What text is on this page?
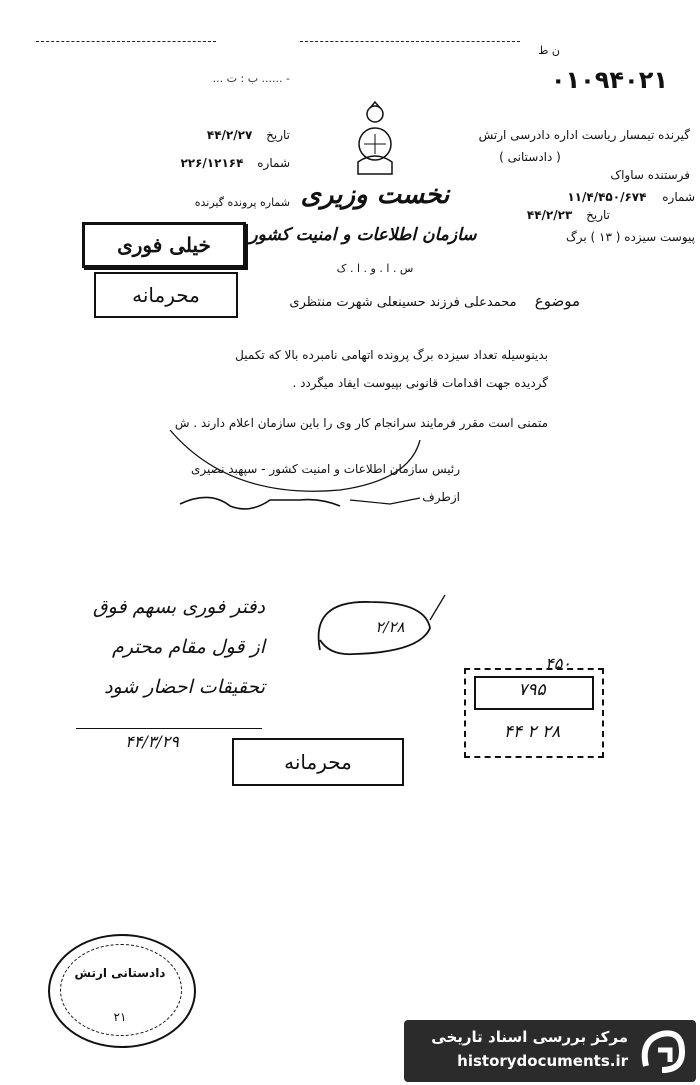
ن ط
- ...... ب : ت ...	۰۱۰۹۴۰۲۱
تاریخ ۴۴/۲/۲۷
شماره ۲۲۶/۱۲۱۶۴
شماره پرونده گیرنده نخست وزیری
سازمان اطلاعات و امنیت کشور
س . ا . و . ا . ک
گیرنده تیمسار ریاست اداره دادرسی ارتش
( دادستانی )
فرستنده ساواک
شماره ۱۱/۴/۴۵۰/۶۷۴
تاریخ ۴۴/۲/۲۳
پیوست سیزده ( ۱۳ ) برگ
خیلی فوری
محرمانه	موضوع محمدعلی فرزند حسینعلی شهرت منتظری
بدینوسیله تعداد سیزده برگ پرونده اتهامی نامبرده بالا که تکمیل
گردیده جهت اقدامات قانونی بپیوست ایفاد میگردد .
متمنی است مقرر فرمایند سرانجام کار وی را باین سازمان اعلام دارند . ش
رئیس سازمان اطلاعات و امنیت کشور - سپهبد نصیری
ازطرف
دفتر فوری بسهم فوق
از قول مقام محترم
تحقیقات احضار شود
۴۴/۳/۲۹
۲/۲۸
۴۵۰
۷۹۵
۴۴ ۲ ۲۸
محرمانه
دادستانی ارتش
۲۱
مرکز بررسی اسناد تاریخی
historydocuments.ir
